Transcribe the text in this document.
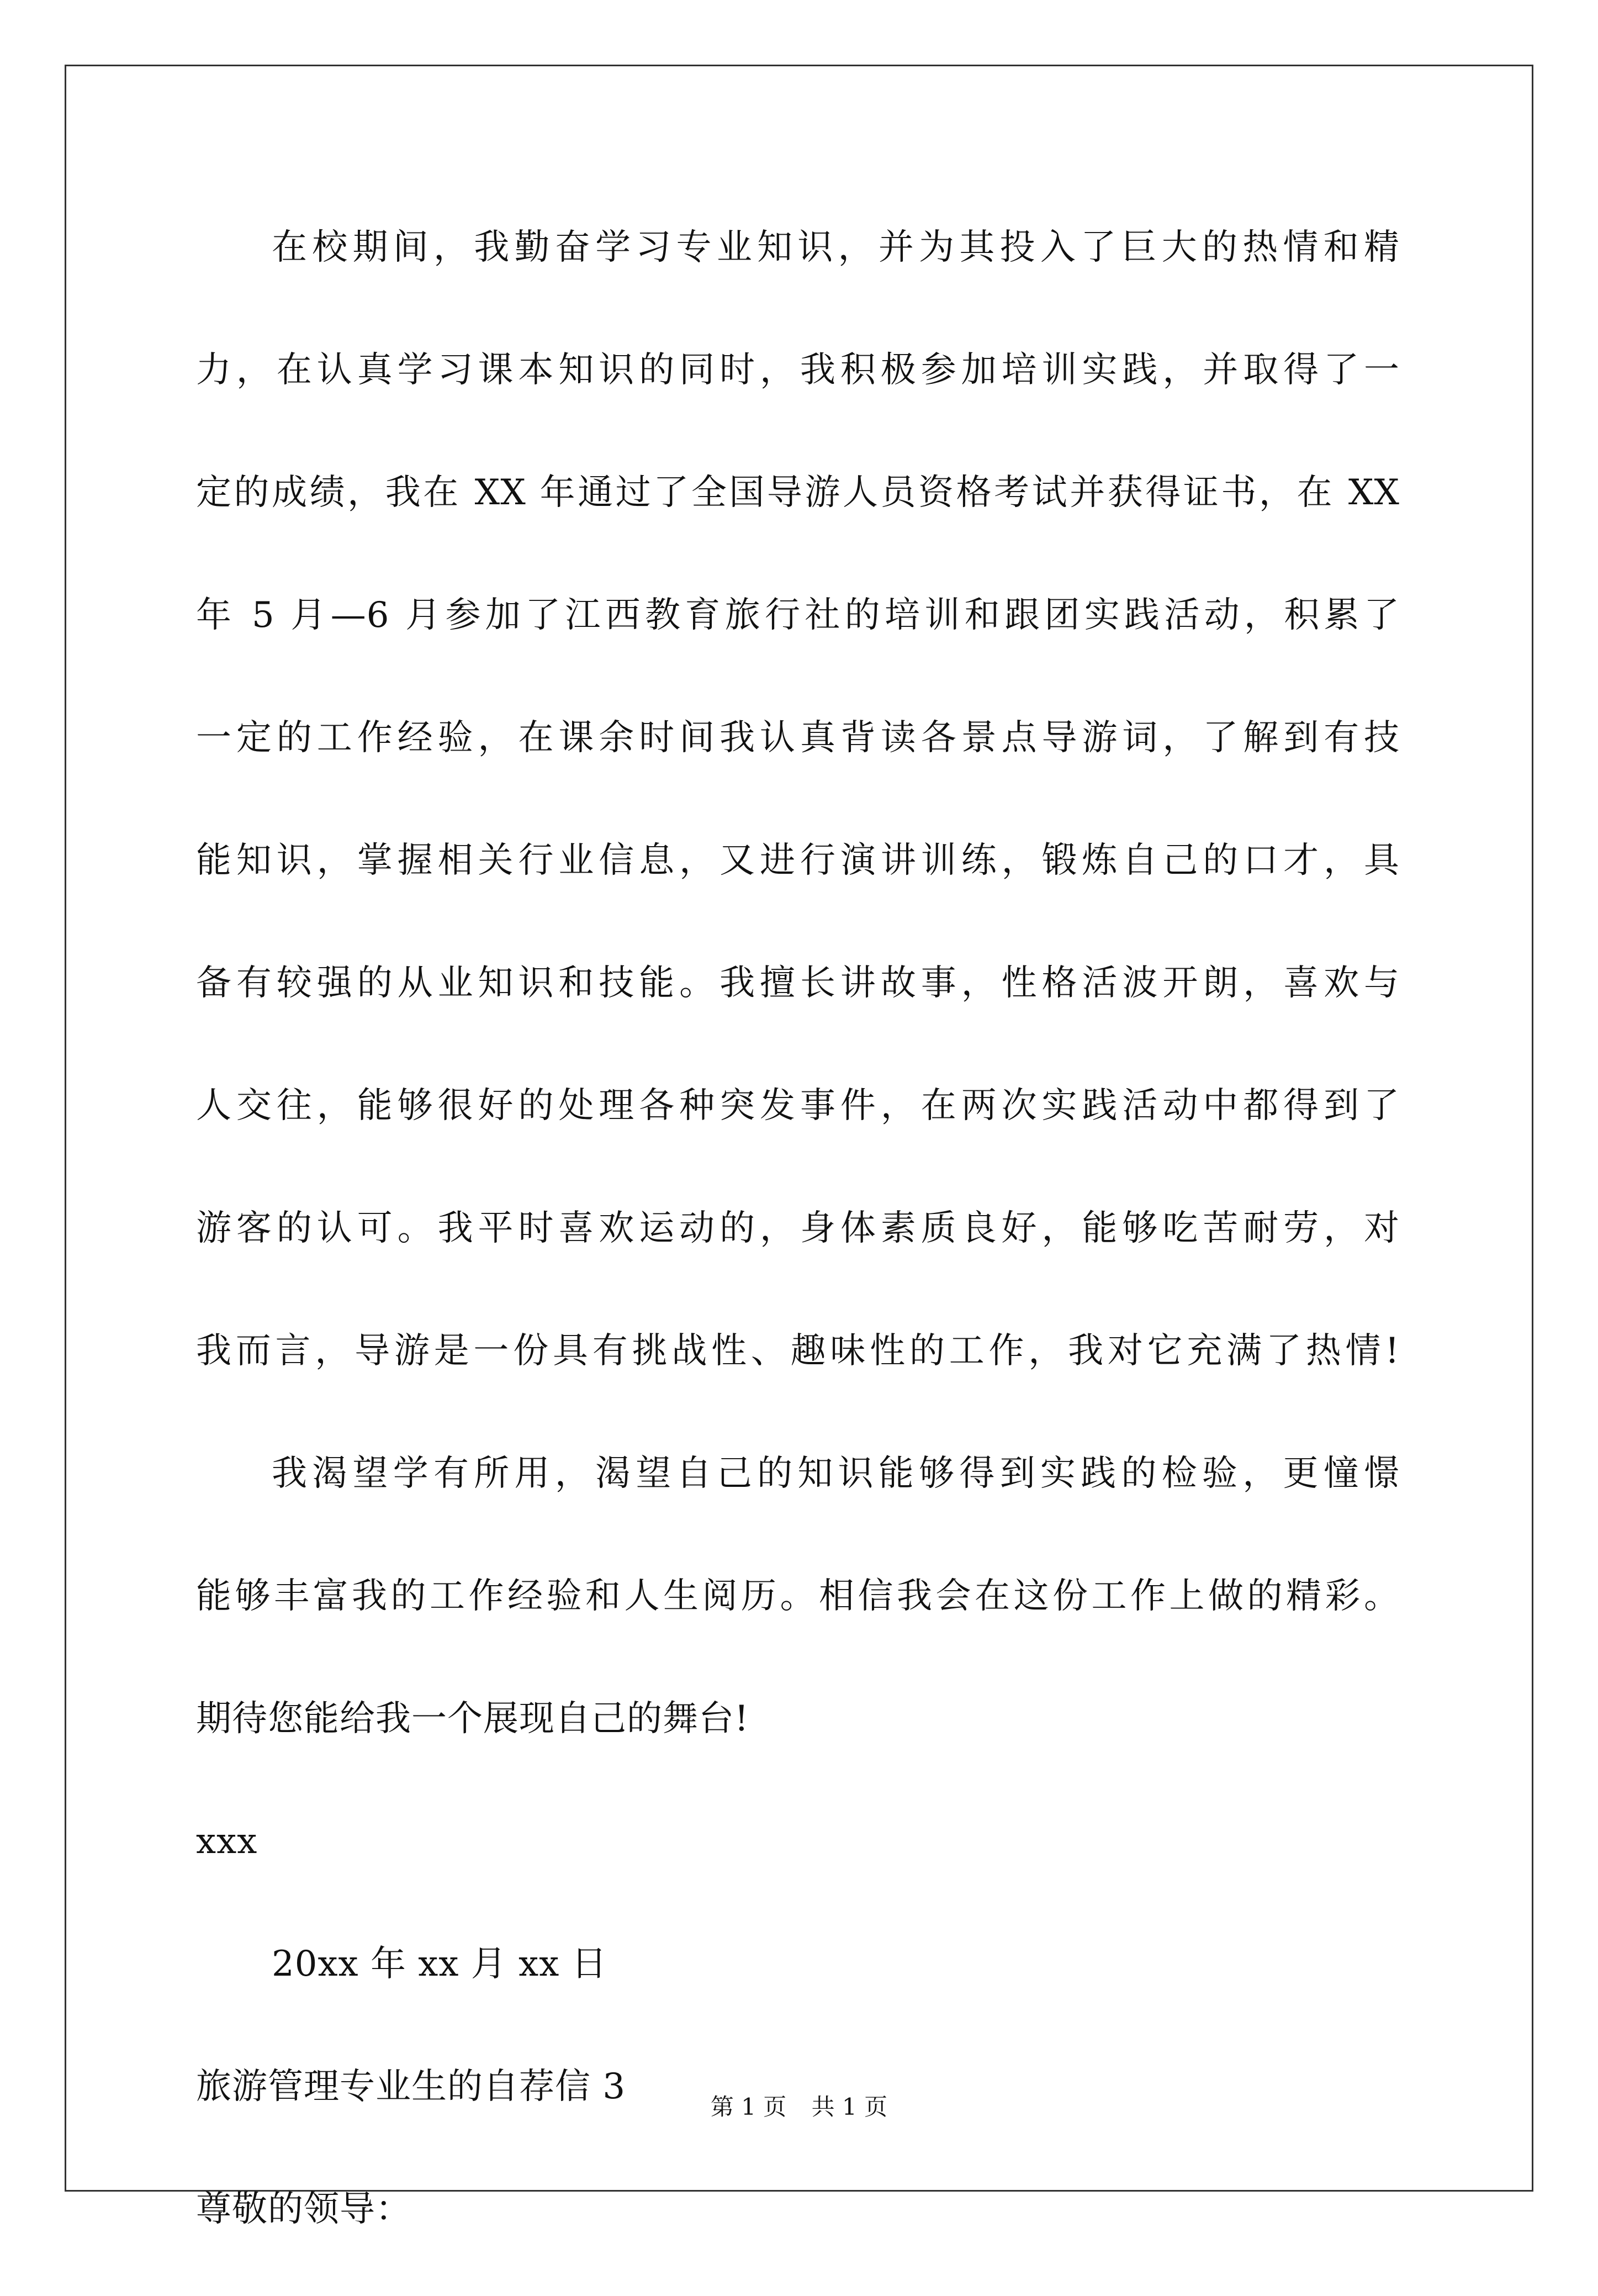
在校期间，我勤奋学习专业知识，并为其投入了巨大的热情和精
力，在认真学习课本知识的同时，我积极参加培训实践，并取得了一
定的成绩，我在 XX 年通过了全国导游人员资格考试并获得证书，在 XX
年 5 月—6 月参加了江西教育旅行社的培训和跟团实践活动，积累了
一定的工作经验，在课余时间我认真背读各景点导游词，了解到有技
能知识，掌握相关行业信息，又进行演讲训练，锻炼自己的口才，具
备有较强的从业知识和技能。我擅长讲故事，性格活波开朗，喜欢与
人交往，能够很好的处理各种突发事件，在两次实践活动中都得到了
游客的认可。我平时喜欢运动的，身体素质良好，能够吃苦耐劳，对
我而言，导游是一份具有挑战性、趣味性的工作，我对它充满了热情!
我渴望学有所用，渴望自己的知识能够得到实践的检验，更憧憬
能够丰富我的工作经验和人生阅历。相信我会在这份工作上做的精彩。
期待您能给我一个展现自己的舞台!
xxx
20xx 年 xx 月 xx 日
旅游管理专业生的自荐信 3
尊敬的领导：
第 1 页 共 1 页
